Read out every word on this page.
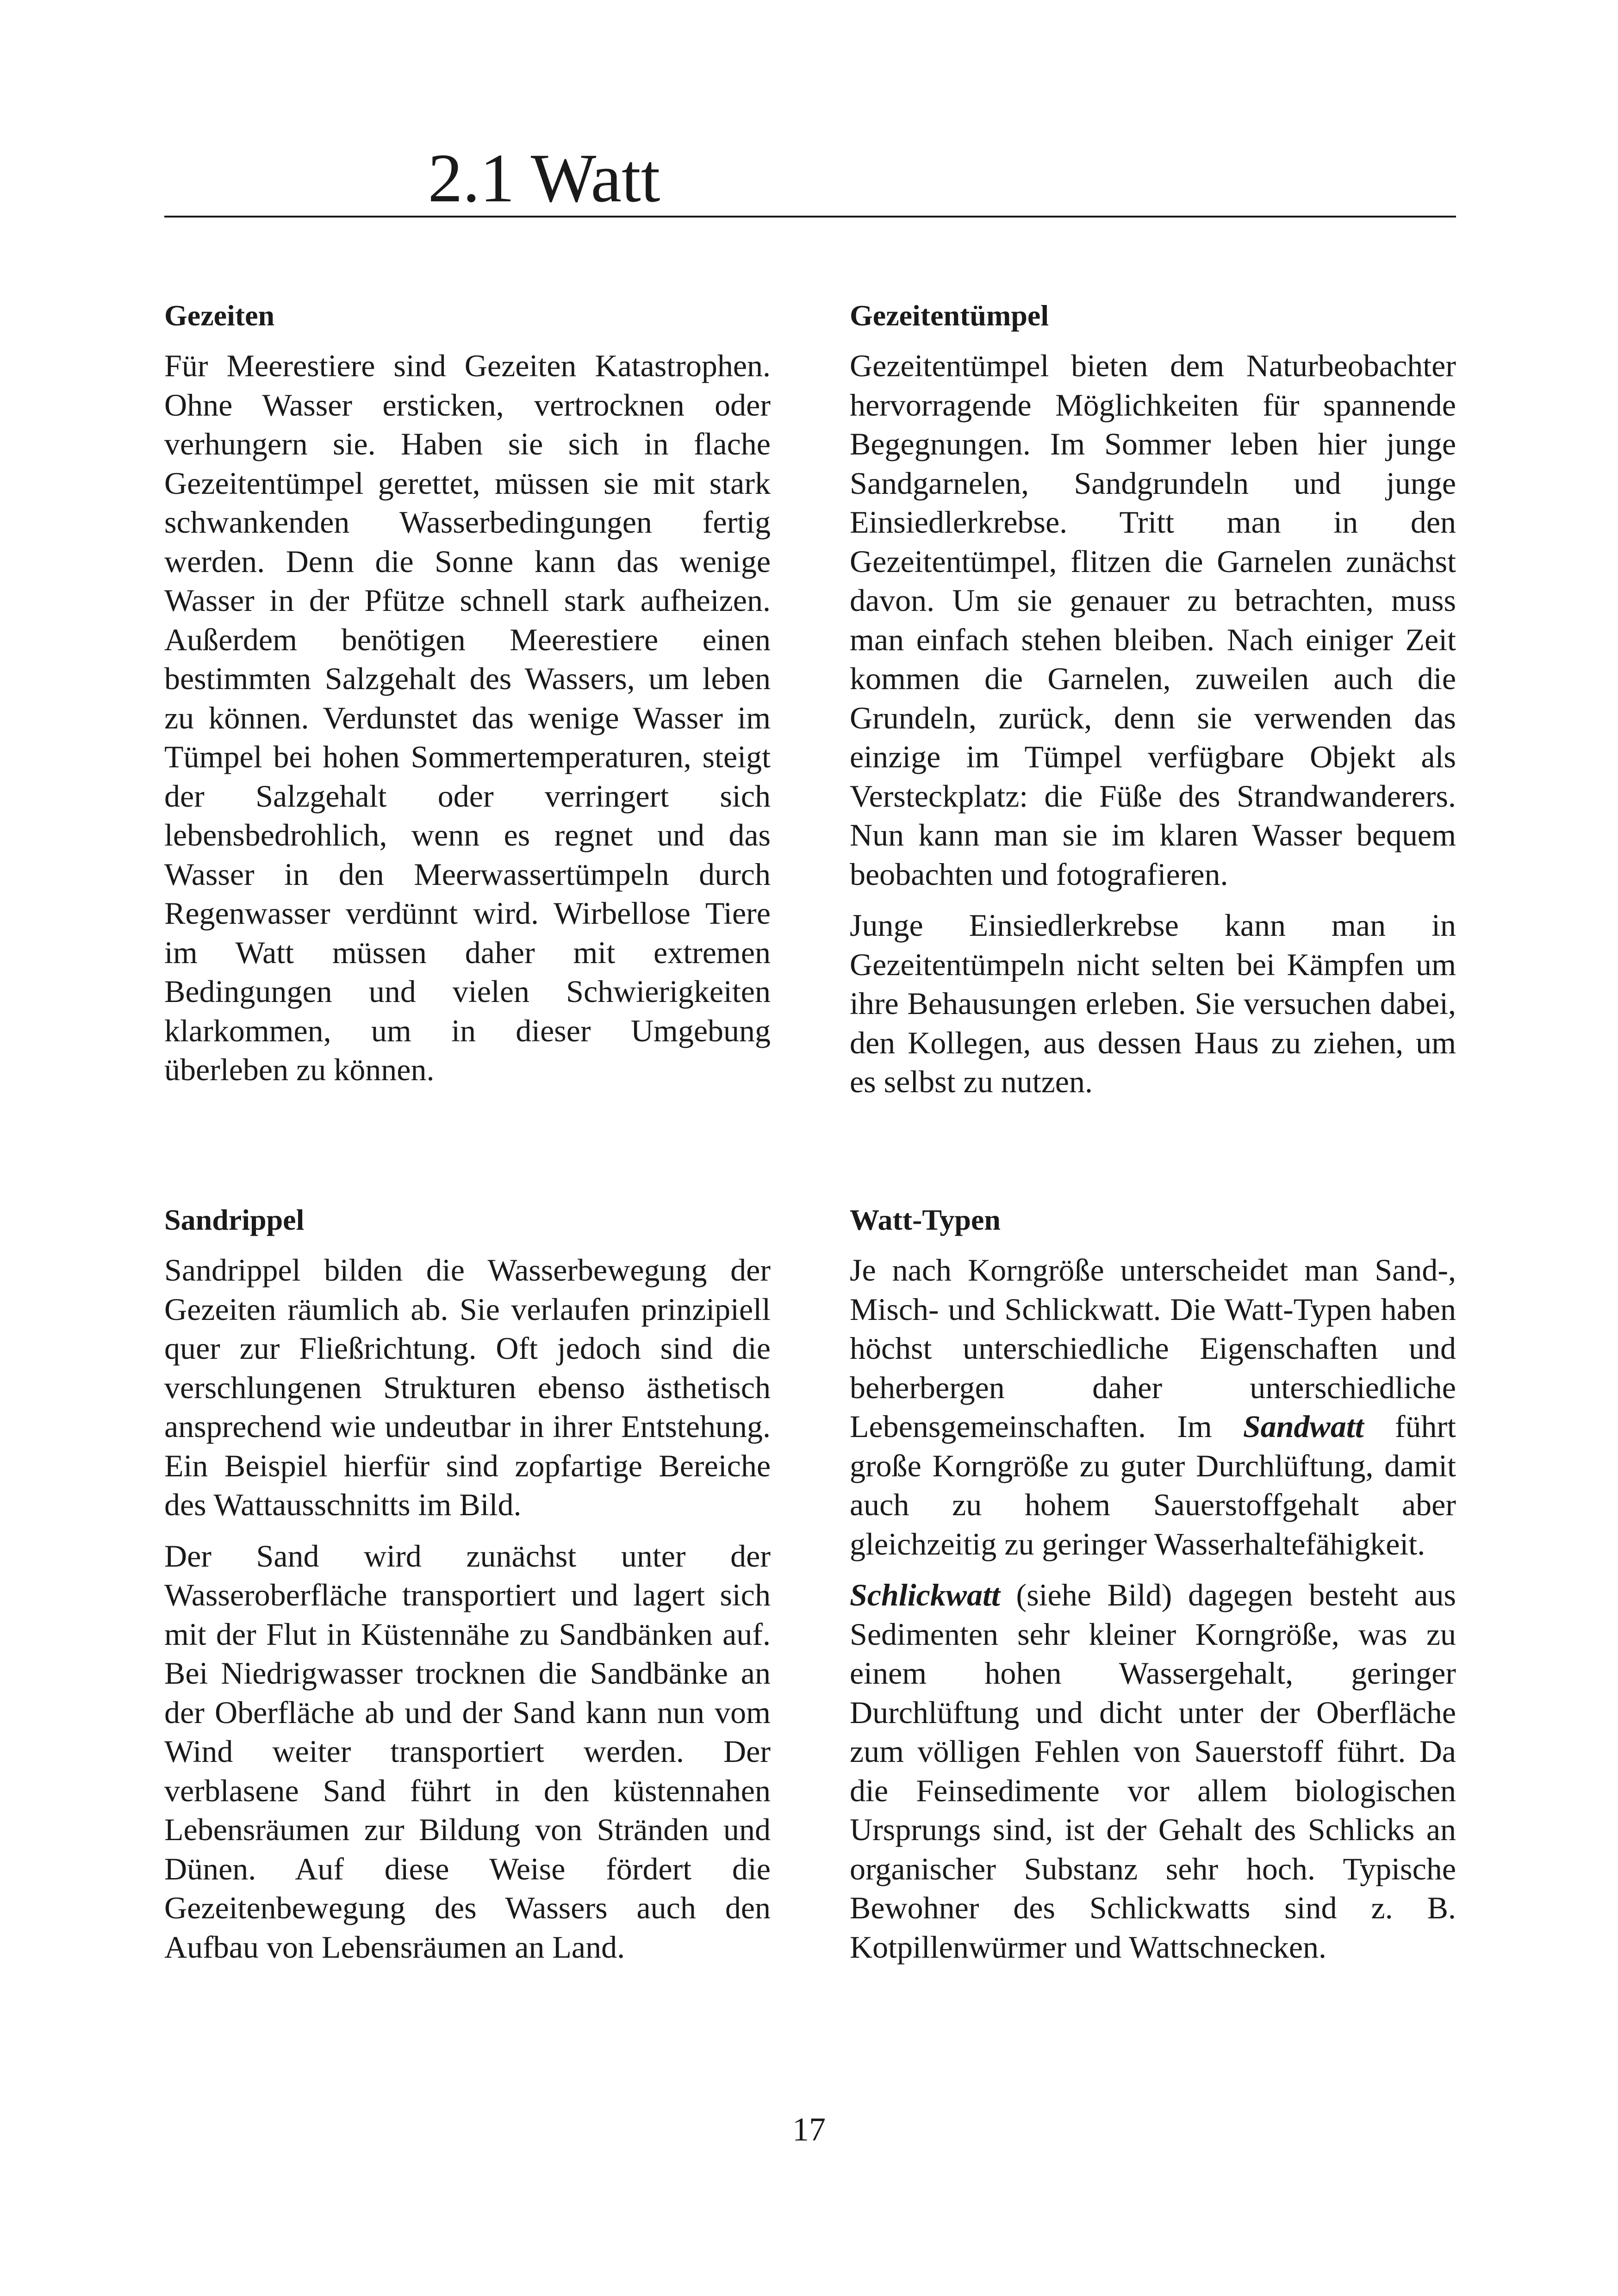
2.1 Watt
Gezeiten

Für Meerestiere sind Gezeiten Katastrophen. Ohne Wasser ersticken, vertrocknen oder verhungern sie. Haben sie sich in flache Gezeitentümpel gerettet, müssen sie mit stark schwankenden Wasserbedingungen fertig werden. Denn die Sonne kann das wenige Wasser in der Pfütze schnell stark aufheizen. Außerdem benötigen Meerestiere einen bestimmten Salzgehalt des Wassers, um leben zu können. Verdunstet das wenige Wasser im Tümpel bei hohen Sommertemperaturen, steigt der Salzgehalt oder verringert sich lebensbedrohlich, wenn es regnet und das Wasser in den Meerwassertümpeln durch Regenwasser verdünnt wird. Wirbellose Tiere im Watt müssen daher mit extremen Bedingungen und vielen Schwierigkeiten klarkommen, um in dieser Umgebung überleben zu können.

Gezeitentümpel

Gezeitentümpel bieten dem Naturbeobachter hervorragende Möglichkeiten für spannende Begegnungen. Im Sommer leben hier junge Sandgarnelen, Sandgrundeln und junge Einsiedlerkrebse. Tritt man in den Gezeitentümpel, flitzen die Garnelen zunächst davon. Um sie genauer zu betrachten, muss man einfach stehen bleiben. Nach einiger Zeit kommen die Garnelen, zuweilen auch die Grundeln, zurück, denn sie verwenden das einzige im Tümpel verfügbare Objekt als Versteckplatz: die Füße des Strandwanderers. Nun kann man sie im klaren Wasser bequem beobachten und fotografieren.

Junge Einsiedlerkrebse kann man in Gezeitentümpeln nicht selten bei Kämpfen um ihre Behausungen erleben. Sie versuchen dabei, den Kollegen, aus dessen Haus zu ziehen, um es selbst zu nutzen.

Sandrippel

Sandrippel bilden die Wasserbewegung der Gezeiten räumlich ab. Sie verlaufen prinzipiell quer zur Fließrichtung. Oft jedoch sind die verschlungenen Strukturen ebenso ästhetisch ansprechend wie undeutbar in ihrer Entstehung. Ein Beispiel hierfür sind zopfartige Bereiche des Wattausschnitts im Bild.

Der Sand wird zunächst unter der Wasseroberfläche transportiert und lagert sich mit der Flut in Küstennähe zu Sandbänken auf. Bei Niedrigwasser trocknen die Sandbänke an der Oberfläche ab und der Sand kann nun vom Wind weiter transportiert werden. Der verblasene Sand führt in den küstennahen Lebensräumen zur Bildung von Stränden und Dünen. Auf diese Weise fördert die Gezeitenbewegung des Wassers auch den Aufbau von Lebensräumen an Land.

Watt-Typen

Je nach Korngröße unterscheidet man Sand-, Misch- und Schlickwatt. Die Watt-Typen haben höchst unterschiedliche Eigenschaften und beherbergen daher unterschiedliche Lebensgemeinschaften. Im Sandwatt führt große Korngröße zu guter Durchlüftung, damit auch zu hohem Sauerstoffgehalt aber gleichzeitig zu geringer Wasserhaltefähigkeit.

Schlickwatt (siehe Bild) dagegen besteht aus Sedimenten sehr kleiner Korngröße, was zu einem hohen Wassergehalt, geringer Durchlüftung und dicht unter der Oberfläche zum völligen Fehlen von Sauerstoff führt. Da die Feinsedimente vor allem biologischen Ursprungs sind, ist der Gehalt des Schlicks an organischer Substanz sehr hoch. Typische Bewohner des Schlickwatts sind z. B. Kotpillenwürmer und Wattschnecken.

17
